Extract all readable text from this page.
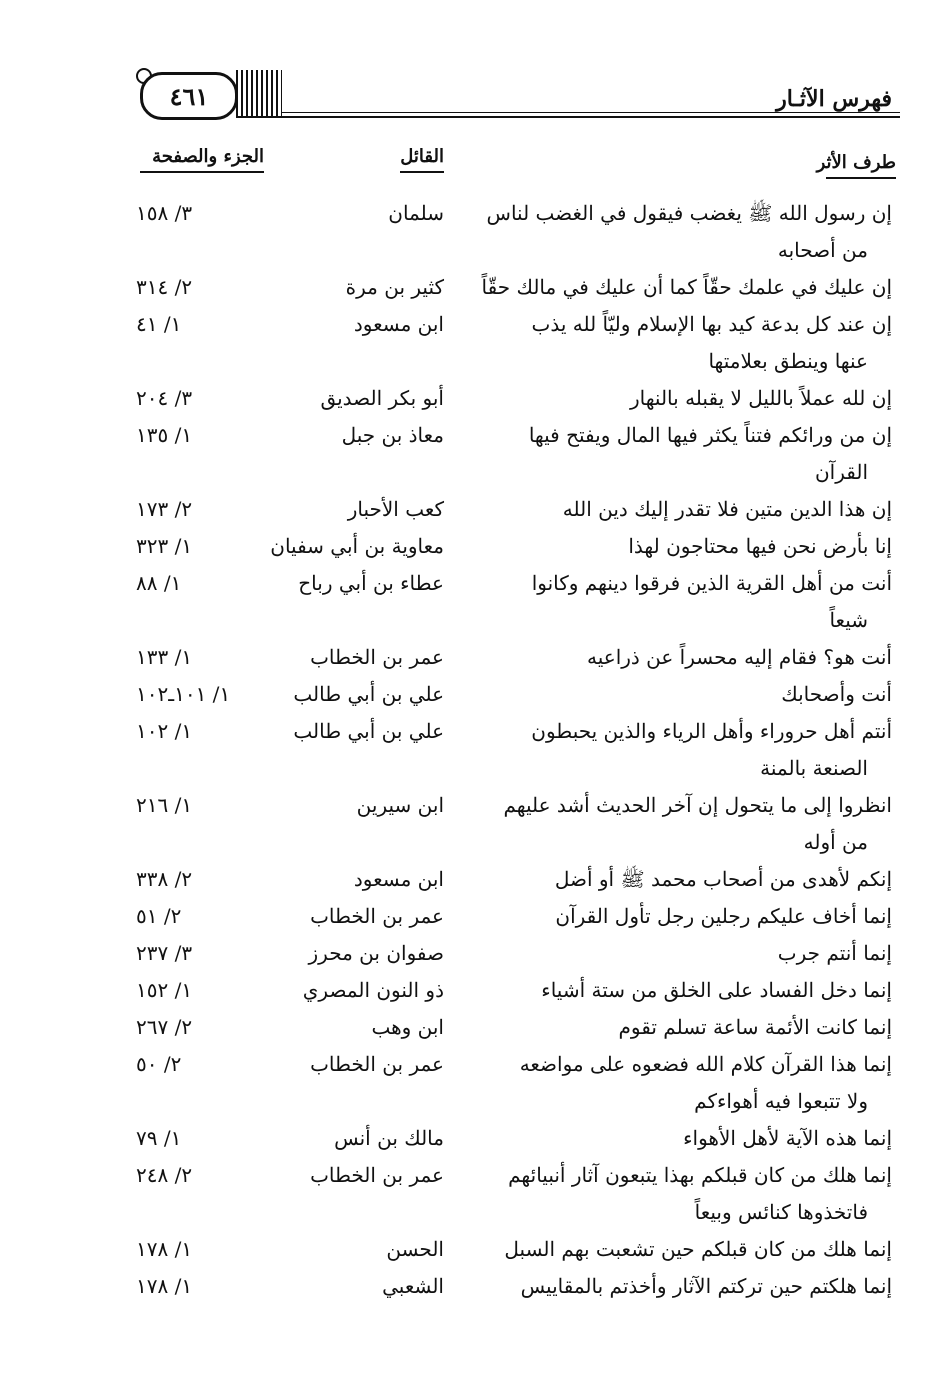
٤٦١	فهرس الآثـار
طرف الأثر
القائل
الجزء والصفحة
إن رسول الله ﷺ يغضب فيقول في الغضب لناس
من أصحابه
سلمان
٣/ ١٥٨
إن عليك في علمك حقّاً كما أن عليك في مالك حقّاً
كثير بن مرة
٢/ ٣١٤
إن عند كل بدعة كيد بها الإسلام وليّاً لله يذب
عنها وينطق بعلامتها
ابن مسعود
١/ ٤١
إن لله عملاً بالليل لا يقبله بالنهار
أبو بكر الصديق
٣/ ٢٠٤
إن من ورائكم فتناً يكثر فيها المال ويفتح فيها
القرآن
معاذ بن جبل
١/ ١٣٥
إن هذا الدين متين فلا تقدر إليك دين الله
كعب الأحبار
٢/ ١٧٣
إنا بأرض نحن فيها محتاجون لهذا
معاوية بن أبي سفيان
١/ ٣٢٣
أنت من أهل القرية الذين فرقوا دينهم وكانوا
شيعاً
عطاء بن أبي رباح
١/ ٨٨
أنت هو؟ فقام إليه محسراً عن ذراعيه
عمر بن الخطاب
١/ ١٣٣
أنت وأصحابك
علي بن أبي طالب
١/ ١٠١ـ١٠٢
أنتم أهل حروراء وأهل الرياء والذين يحبطون
الصنعة بالمنة
علي بن أبي طالب
١/ ١٠٢
انظروا إلى ما يتحول إن آخر الحديث أشد عليهم
من أوله
ابن سيرين
١/ ٢١٦
إنكم لأهدى من أصحاب محمد ﷺ أو أضل
ابن مسعود
٢/ ٣٣٨
إنما أخاف عليكم رجلين رجل تأول القرآن
عمر بن الخطاب
٢/ ٥١
إنما أنتم جرب
صفوان بن محرز
٣/ ٢٣٧
إنما دخل الفساد على الخلق من ستة أشياء
ذو النون المصري
١/ ١٥٢
إنما كانت الأئمة ساعة تسلم تقوم
ابن وهب
٢/ ٢٦٧
إنما هذا القرآن كلام الله فضعوه على مواضعه
ولا تتبعوا فيه أهواءكم
عمر بن الخطاب
٢/ ٥٠
إنما هذه الآية لأهل الأهواء
مالك بن أنس
١/ ٧٩
إنما هلك من كان قبلكم بهذا يتبعون آثار أنبيائهم
فاتخذوها كنائس وبيعاً
عمر بن الخطاب
٢/ ٢٤٨
إنما هلك من كان قبلكم حين تشعبت بهم السبل
الحسن
١/ ١٧٨
إنما هلكتم حين تركتم الآثار وأخذتم بالمقاييس
الشعبي
١/ ١٧٨
